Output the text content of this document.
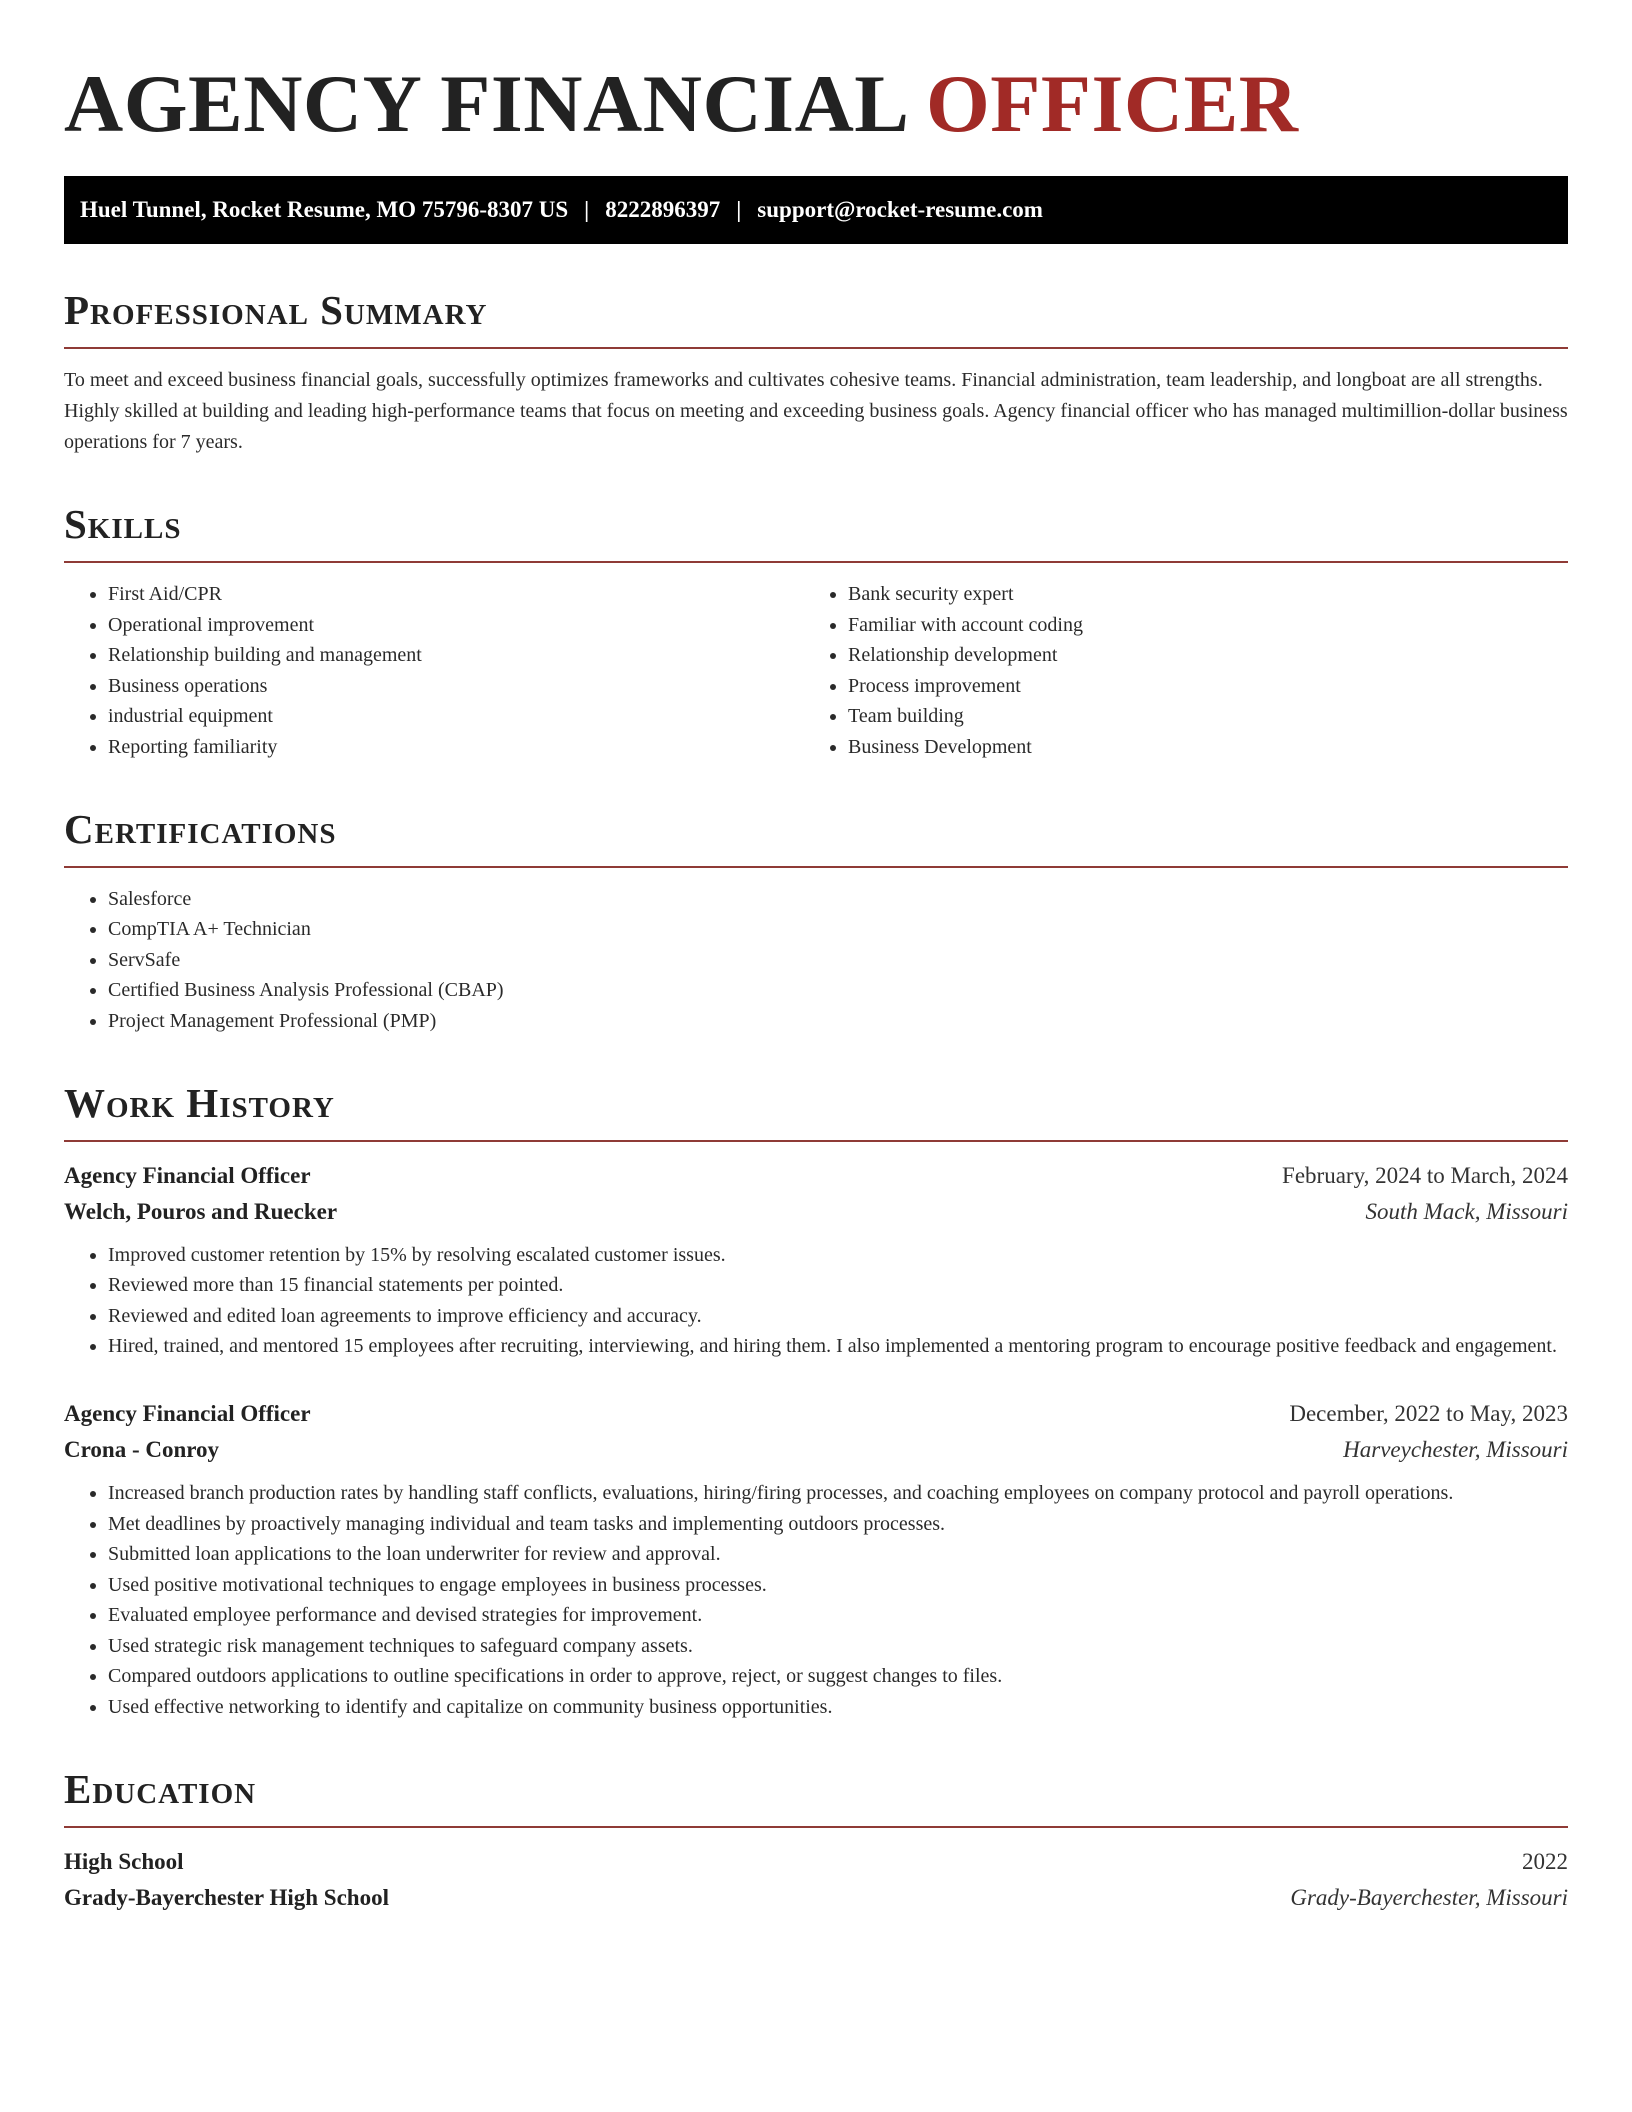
AGENCY FINANCIAL OFFICER
Huel Tunnel, Rocket Resume, MO 75796-8307 US | 8222896397 | support@rocket-resume.com
Professional Summary

To meet and exceed business financial goals, successfully optimizes frameworks and cultivates cohesive teams. Financial administration, team leadership, and longboat are all strengths. Highly skilled at building and leading high-performance teams that focus on meeting and exceeding business goals. Agency financial officer who has managed multimillion-dollar business operations for 7 years.

Skills
• First Aid/CPR
• Operational improvement
• Relationship building and management
• Business operations
• industrial equipment
• Reporting familiarity
• Bank security expert
• Familiar with account coding
• Relationship development
• Process improvement
• Team building
• Business Development
Certifications
• Salesforce
• CompTIA A+ Technician
• ServSafe
• Certified Business Analysis Professional (CBAP)
• Project Management Professional (PMP)
Work History
Agency Financial Officer	February, 2024 to March, 2024
Welch, Pouros and Ruecker	South Mack, Missouri
• Improved customer retention by 15% by resolving escalated customer issues.
• Reviewed more than 15 financial statements per pointed.
• Reviewed and edited loan agreements to improve efficiency and accuracy.
• Hired, trained, and mentored 15 employees after recruiting, interviewing, and hiring them. I also implemented a mentoring program to encourage positive feedback and engagement.
Agency Financial Officer	December, 2022 to May, 2023
Crona - Conroy	Harveychester, Missouri
• Increased branch production rates by handling staff conflicts, evaluations, hiring/firing processes, and coaching employees on company protocol and payroll operations.
• Met deadlines by proactively managing individual and team tasks and implementing outdoors processes.
• Submitted loan applications to the loan underwriter for review and approval.
• Used positive motivational techniques to engage employees in business processes.
• Evaluated employee performance and devised strategies for improvement.
• Used strategic risk management techniques to safeguard company assets.
• Compared outdoors applications to outline specifications in order to approve, reject, or suggest changes to files.
• Used effective networking to identify and capitalize on community business opportunities.
Education
High School	2022
Grady-Bayerchester High School	Grady-Bayerchester, Missouri
